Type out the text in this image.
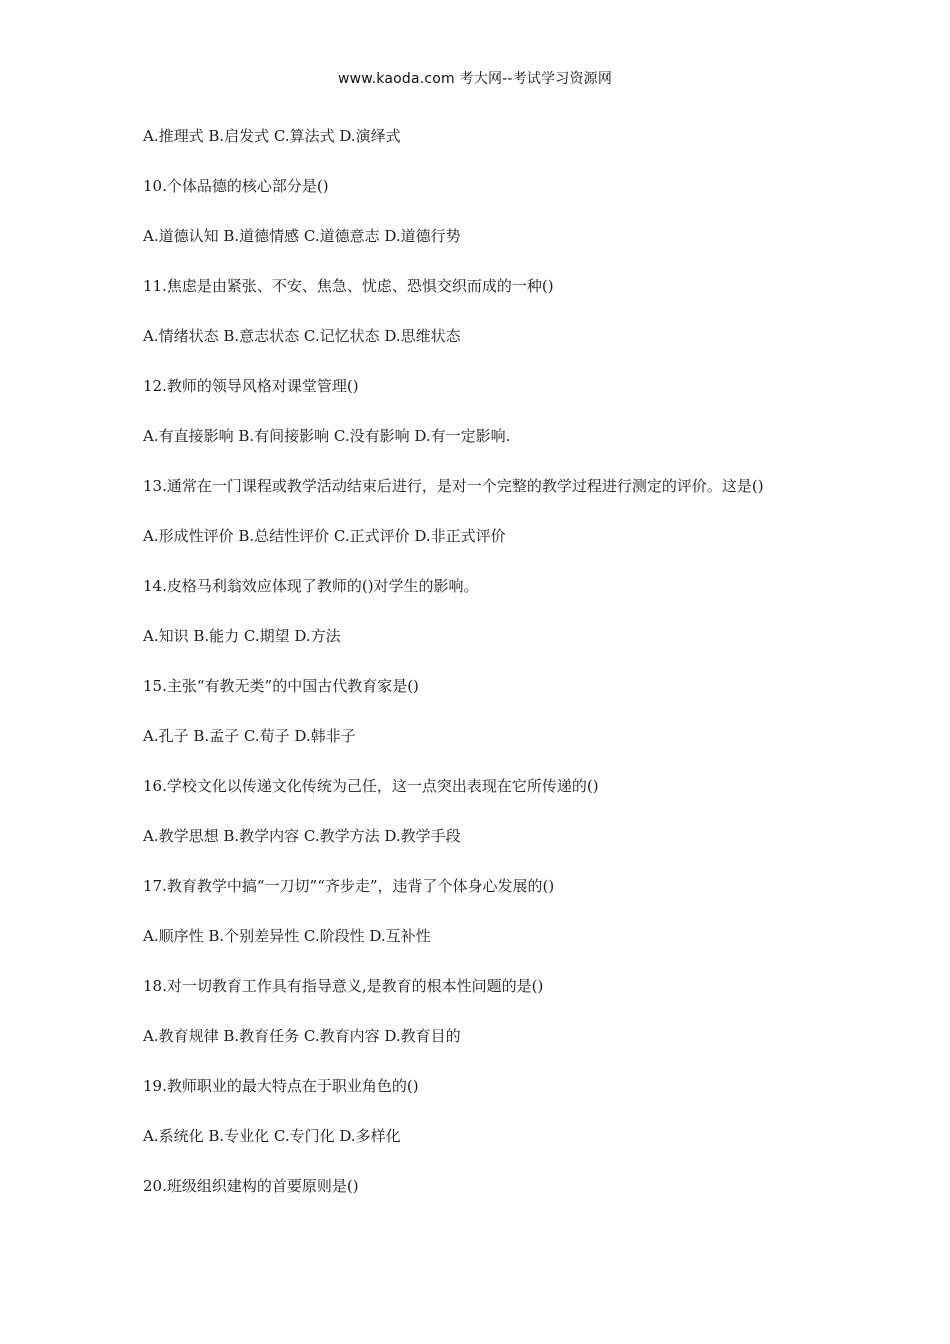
www.kaoda.com 考大网--考试学习资源网

A.推理式 B.启发式 C.算法式 D.演绎式

10.个体品德的核心部分是()

A.道德认知 B.道德情感 C.道德意志 D.道德行势

11.焦虑是由紧张、不安、焦急、忧虑、恐惧交织而成的一种()

A.情绪状态 B.意志状态 C.记忆状态 D.思维状态

12.教师的领导风格对课堂管理()

A.有直接影响 B.有间接影响 C.没有影响 D.有一定影响.

13.通常在一门课程或教学活动结束后进行，是对一个完整的教学过程进行测定的评价。这是()

A.形成性评价 B.总结性评价 C.正式评价 D.非正式评价

14.皮格马利翁效应体现了教师的()对学生的影响。

A.知识 B.能力 C.期望 D.方法

15.主张“有教无类”的中国古代教育家是()

A.孔子 B.孟子 C.荀子 D.韩非子

16.学校文化以传递文化传统为己任，这一点突出表现在它所传递的()

A.教学思想 B.教学内容 C.教学方法 D.教学手段

17.教育教学中搞“一刀切”“齐步走”，违背了个体身心发展的()

A.顺序性 B.个别差异性 C.阶段性 D.互补性

18.对一切教育工作具有指导意义,是教育的根本性问题的是()

A.教育规律 B.教育任务 C.教育内容 D.教育目的

19.教师职业的最大特点在于职业角色的()

A.系统化 B.专业化 C.专门化 D.多样化

20.班级组织建构的首要原则是()
